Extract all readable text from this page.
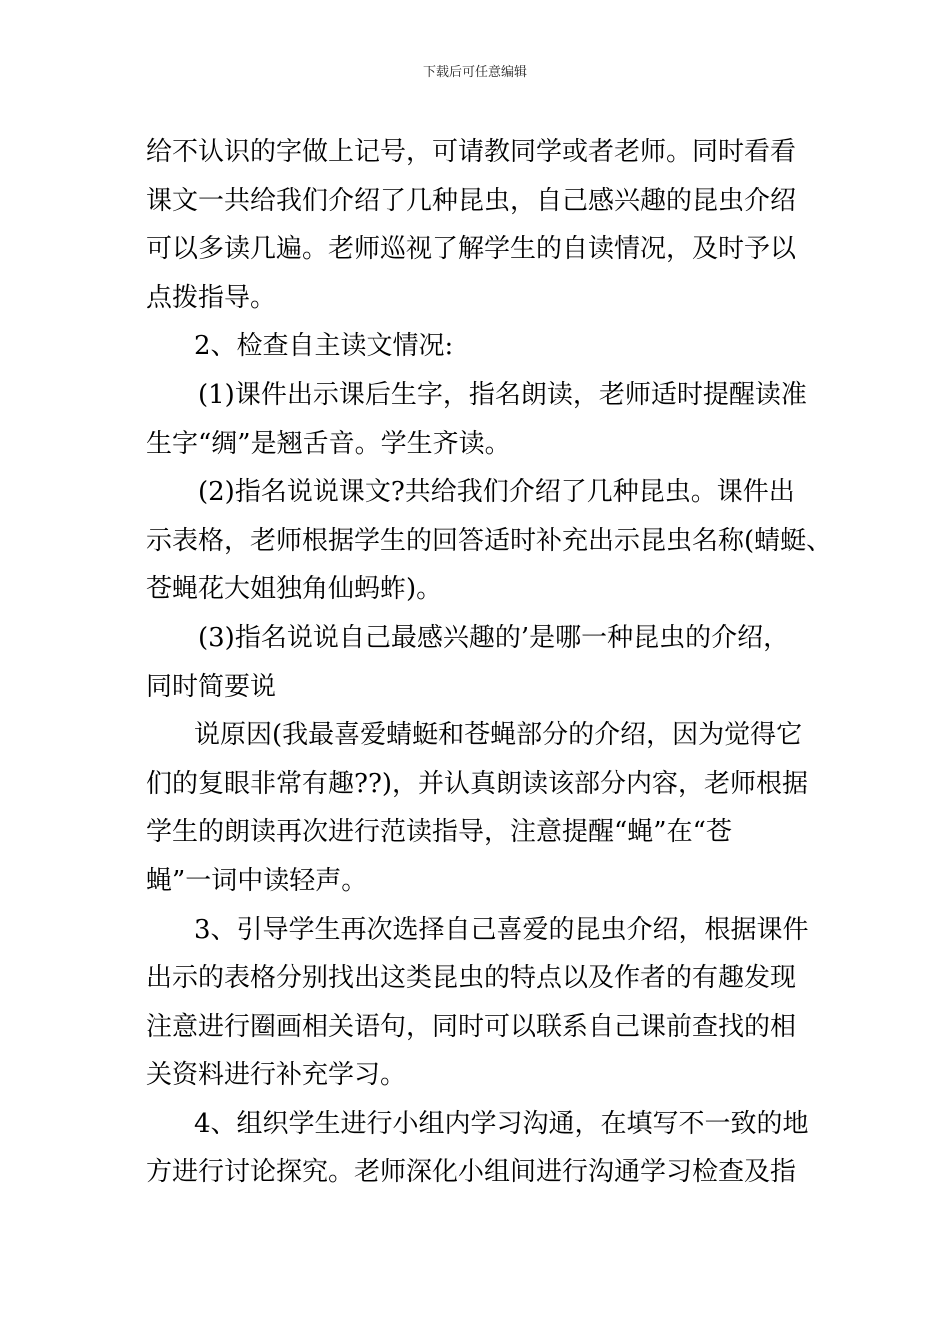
下载后可任意编辑
给不认识的字做上记号，可请教同学或者老师。同时看看
课文一共给我们介绍了几种昆虫，自己感兴趣的昆虫介绍
可以多读几遍。老师巡视了解学生的自读情况，及时予以
点拨指导。
2、检查自主读文情况:
(1)课件出示课后生字，指名朗读，老师适时提醒读准
生字“绸”是翘舌音。学生齐读。
(2)指名说说课文?共给我们介绍了几种昆虫。课件出
示表格，老师根据学生的回答适时补充出示昆虫名称(蜻蜓、
苍蝇花大姐独角仙蚂蚱)。
(3)指名说说自己最感兴趣的’是哪一种昆虫的介绍，
同时简要说
说原因(我最喜爱蜻蜓和苍蝇部分的介绍，因为觉得它
们的复眼非常有趣??)，并认真朗读该部分内容，老师根据
学生的朗读再次进行范读指导，注意提醒“蝇”在“苍
蝇”一词中读轻声。
3、引导学生再次选择自己喜爱的昆虫介绍，根据课件
出示的表格分别找出这类昆虫的特点以及作者的有趣发现
注意进行圈画相关语句，同时可以联系自己课前查找的相
关资料进行补充学习。
4、组织学生进行小组内学习沟通，在填写不一致的地
方进行讨论探究。老师深化小组间进行沟通学习检查及指
